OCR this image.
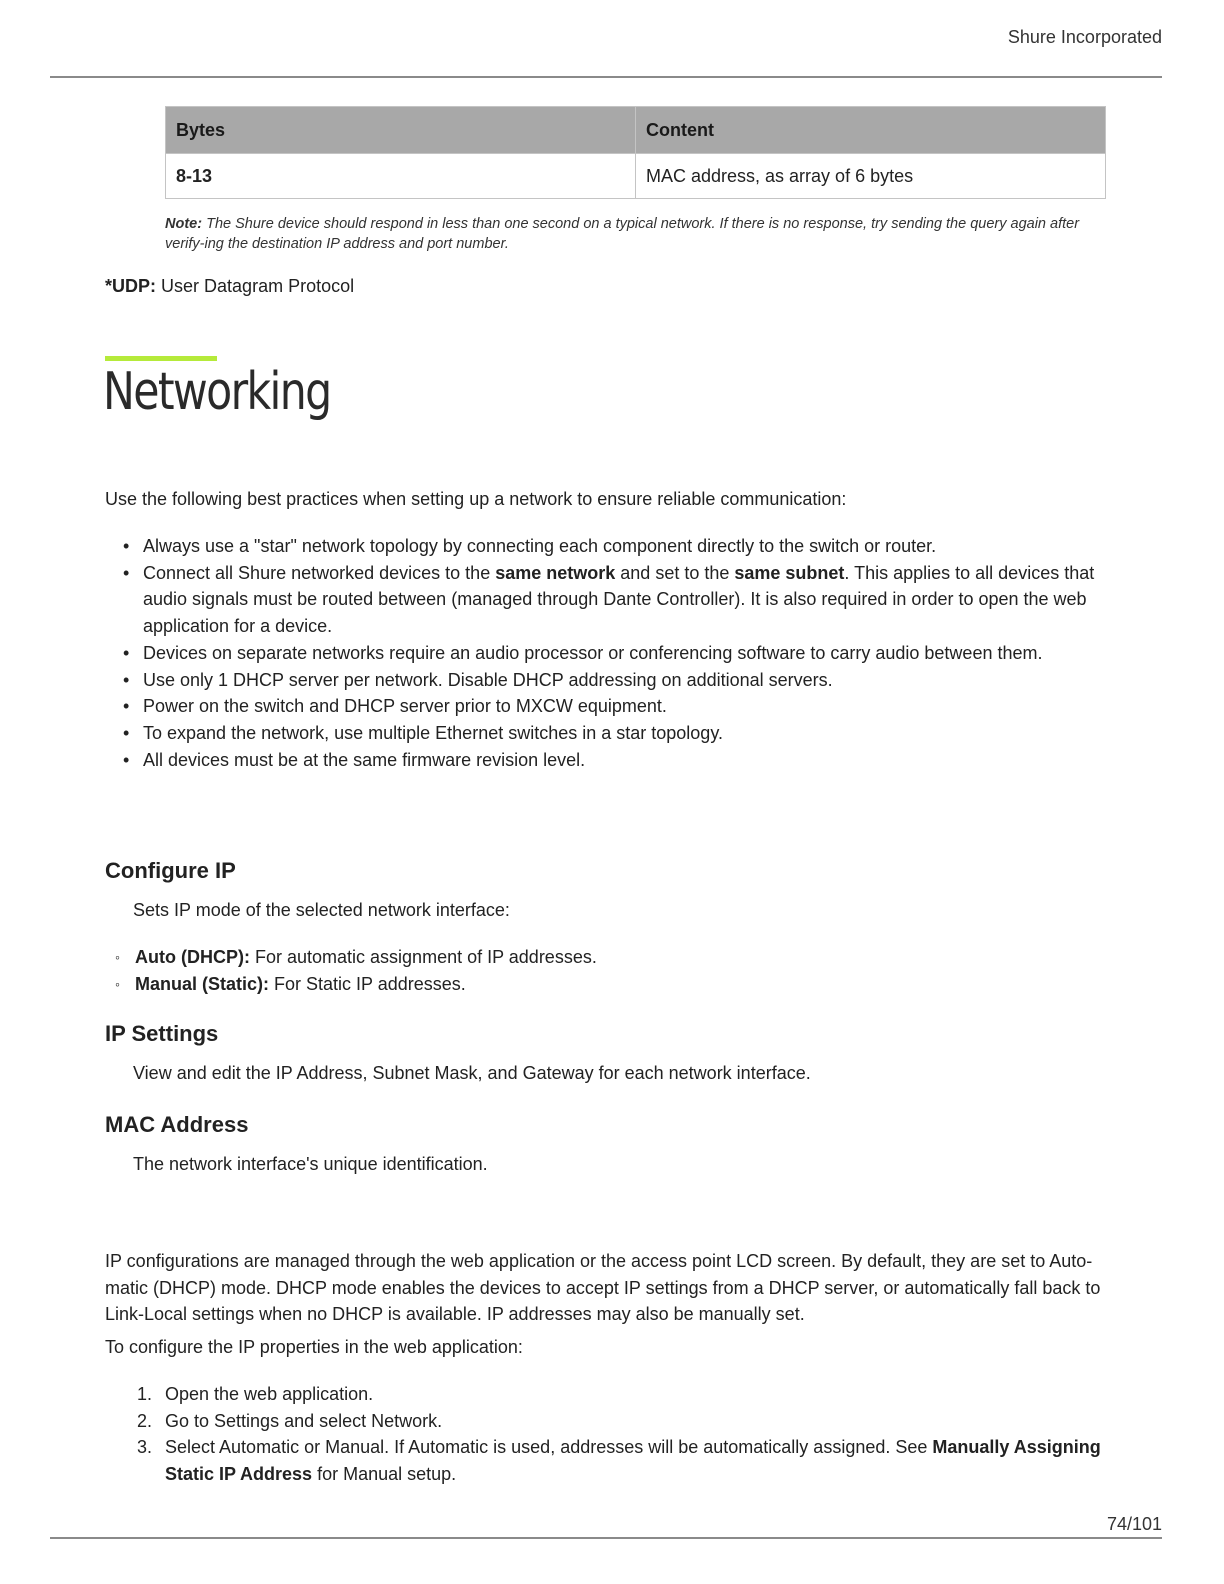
Shure Incorporated
Bytes	Content
8-13	MAC address, as array of 6 bytes
Note: The Shure device should respond in less than one second on a typical network. If there is no response, try sending the query again after verify-ing the destination IP address and port number.
*UDP: User Datagram Protocol
Networking

Use the following best practices when setting up a network to ensure reliable communication:

• Always use a "star" network topology by connecting each component directly to the switch or router.
• Connect all Shure networked devices to the same network and set to the same subnet. This applies to all devices that audio signals must be routed between (managed through Dante Controller). It is also required in order to open the web application for a device.
• Devices on separate networks require an audio processor or conferencing software to carry audio between them.
• Use only 1 DHCP server per network. Disable DHCP addressing on additional servers.
• Power on the switch and DHCP server prior to MXCW equipment.
• To expand the network, use multiple Ethernet switches in a star topology.
• All devices must be at the same firmware revision level.
Configure IP

Sets IP mode of the selected network interface:

◦ Auto (DHCP): For automatic assignment of IP addresses.
◦ Manual (Static): For Static IP addresses.
IP Settings

View and edit the IP Address, Subnet Mask, and Gateway for each network interface.

MAC Address

The network interface's unique identification.

IP configurations are managed through the web application or the access point LCD screen. By default, they are set to Auto-matic (DHCP) mode. DHCP mode enables the devices to accept IP settings from a DHCP server, or automatically fall back to Link-Local settings when no DHCP is available. IP addresses may also be manually set.

To configure the IP properties in the web application:

1. Open the web application.
2. Go to Settings and select Network.
3. Select Automatic or Manual. If Automatic is used, addresses will be automatically assigned. See Manually Assigning Static IP Address for Manual setup.
74/101
